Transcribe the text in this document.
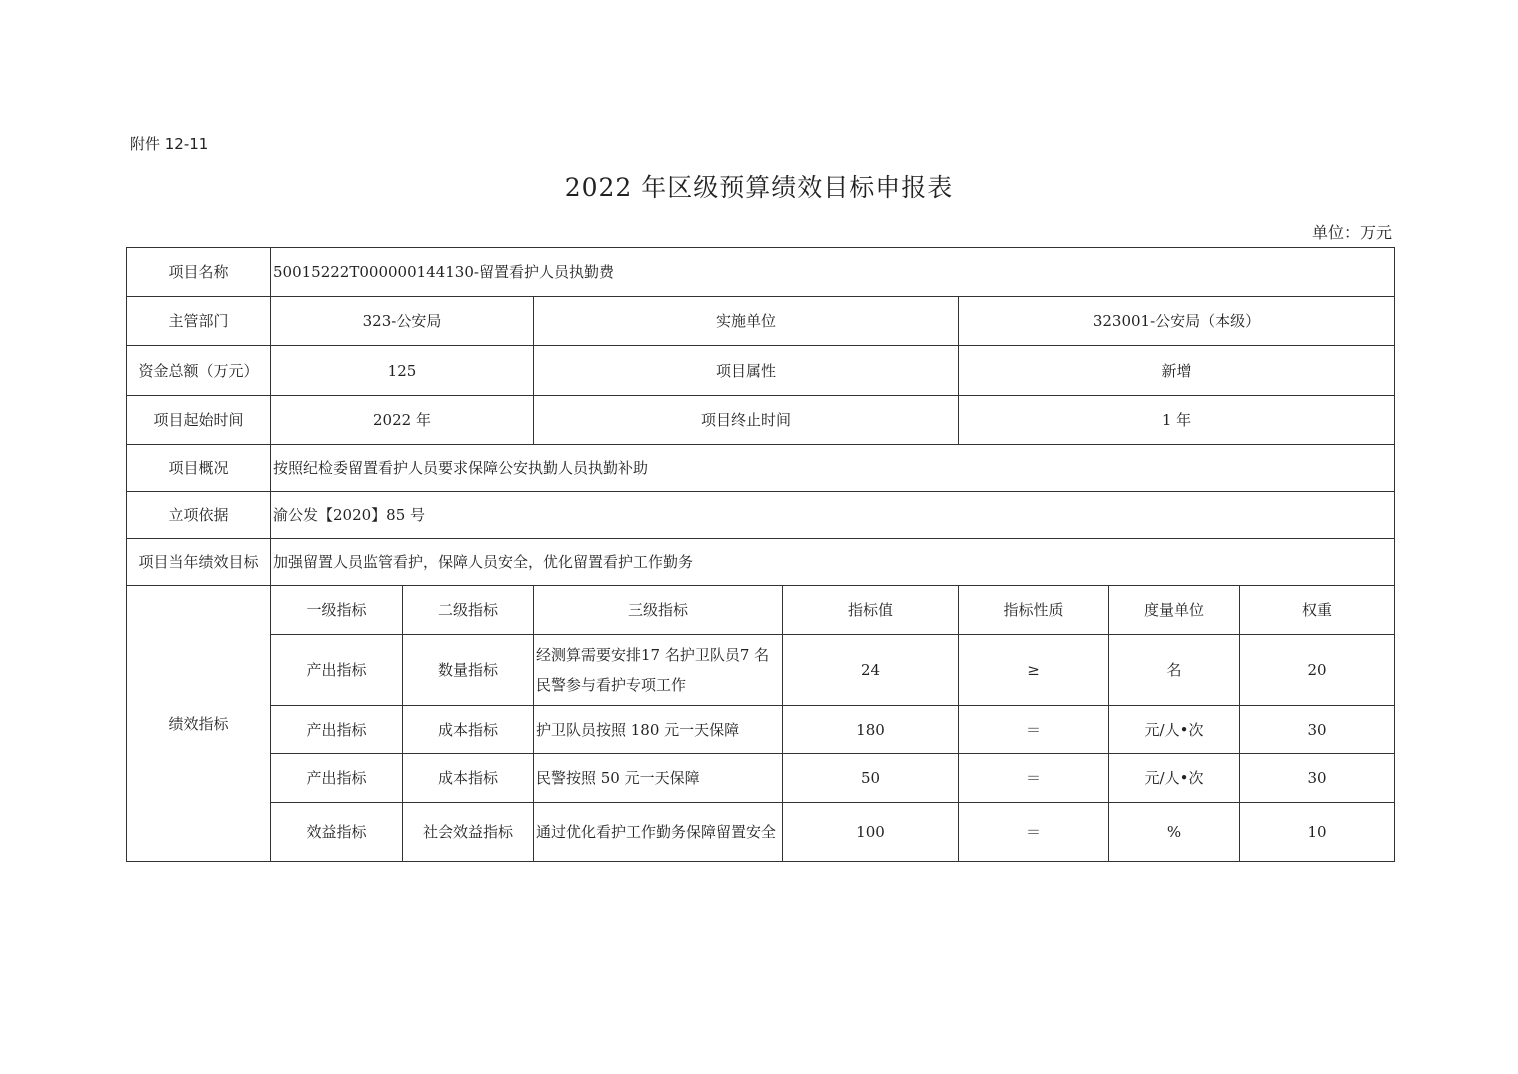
附件 12-11
2022 年区级预算绩效目标申报表
单位：万元
项目名称	50015222T000000144130-留置看护人员执勤费						
主管部门	323-公安局		实施单位		323001-公安局（本级）		
资金总额（万元）	125		项目属性		新增		
项目起始时间	2022 年		项目终止时间		1 年		
项目概况	按照纪检委留置看护人员要求保障公安执勤人员执勤补助						
立项依据	渝公发【2020】85 号						
项目当年绩效目标	加强留置人员监管看护，保障人员安全，优化留置看护工作勤务						
绩效指标	一级指标	二级指标	三级指标	指标值	指标性质	度量单位	权重
	产出指标	数量指标	经测算需要安排17 名护卫队员7 名民警参与看护专项工作	24	≥	名	20
	产出指标	成本指标	护卫队员按照 180 元一天保障	180	＝	元/人•次	30
	产出指标	成本指标	民警按照 50 元一天保障	50	＝	元/人•次	30
	效益指标	社会效益指标	通过优化看护工作勤务保障留置安全	100	＝	%	10
